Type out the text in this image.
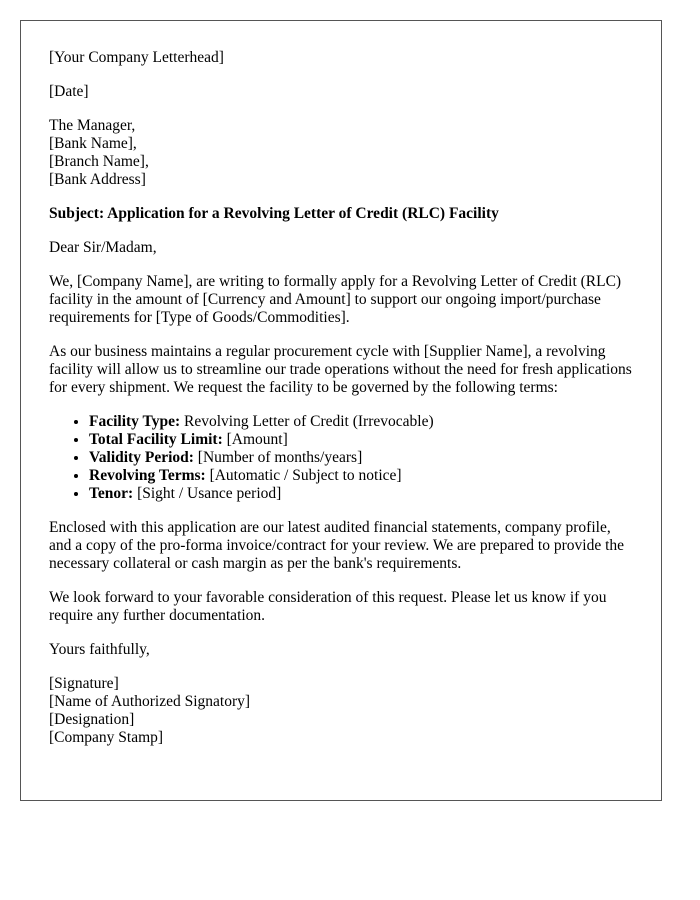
[Your Company Letterhead]

[Date]

The Manager,
[Bank Name],
[Branch Name],
[Bank Address]

Subject: Application for a Revolving Letter of Credit (RLC) Facility

Dear Sir/Madam,

We, [Company Name], are writing to formally apply for a Revolving Letter of Credit (RLC) facility in the amount of [Currency and Amount] to support our ongoing import/purchase requirements for [Type of Goods/Commodities].

As our business maintains a regular procurement cycle with [Supplier Name], a revolving facility will allow us to streamline our trade operations without the need for fresh applications for every shipment. We request the facility to be governed by the following terms:

• Facility Type: Revolving Letter of Credit (Irrevocable)
• Total Facility Limit: [Amount]
• Validity Period: [Number of months/years]
• Revolving Terms: [Automatic / Subject to notice]
• Tenor: [Sight / Usance period]

Enclosed with this application are our latest audited financial statements, company profile, and a copy of the pro-forma invoice/contract for your review. We are prepared to provide the necessary collateral or cash margin as per the bank's requirements.

We look forward to your favorable consideration of this request. Please let us know if you require any further documentation.

Yours faithfully,

[Signature]
[Name of Authorized Signatory]
[Designation]
[Company Stamp]
